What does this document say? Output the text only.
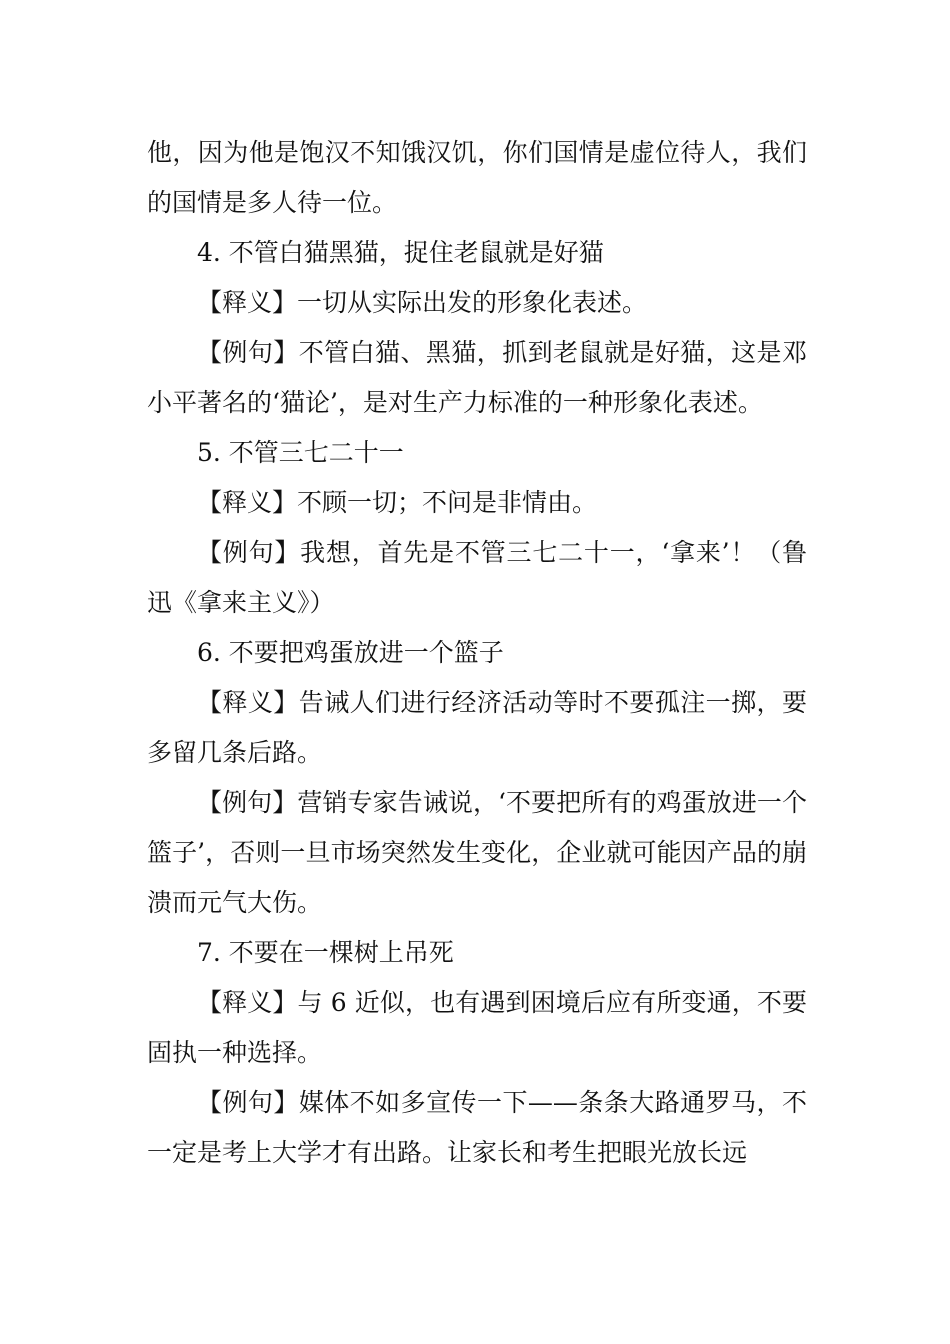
他，因为他是饱汉不知饿汉饥，你们国情是虚位待人，我们的国情是多人待一位。

4. 不管白猫黑猫，捉住老鼠就是好猫

【释义】一切从实际出发的形象化表述。

【例句】不管白猫、黑猫，抓到老鼠就是好猫，这是邓小平著名的‘猫论’，是对生产力标准的一种形象化表述。

5. 不管三七二十一

【释义】不顾一切；不问是非情由。

【例句】我想，首先是不管三七二十一，‘拿来’！（鲁迅《拿来主义》）

6. 不要把鸡蛋放进一个篮子

【释义】告诫人们进行经济活动等时不要孤注一掷，要多留几条后路。

【例句】营销专家告诫说，‘不要把所有的鸡蛋放进一个篮子’，否则一旦市场突然发生变化，企业就可能因产品的崩溃而元气大伤。

7. 不要在一棵树上吊死

【释义】与 6 近似，也有遇到困境后应有所变通，不要固执一种选择。

【例句】媒体不如多宣传一下——条条大路通罗马，不一定是考上大学才有出路。让家长和考生把眼光放长远
